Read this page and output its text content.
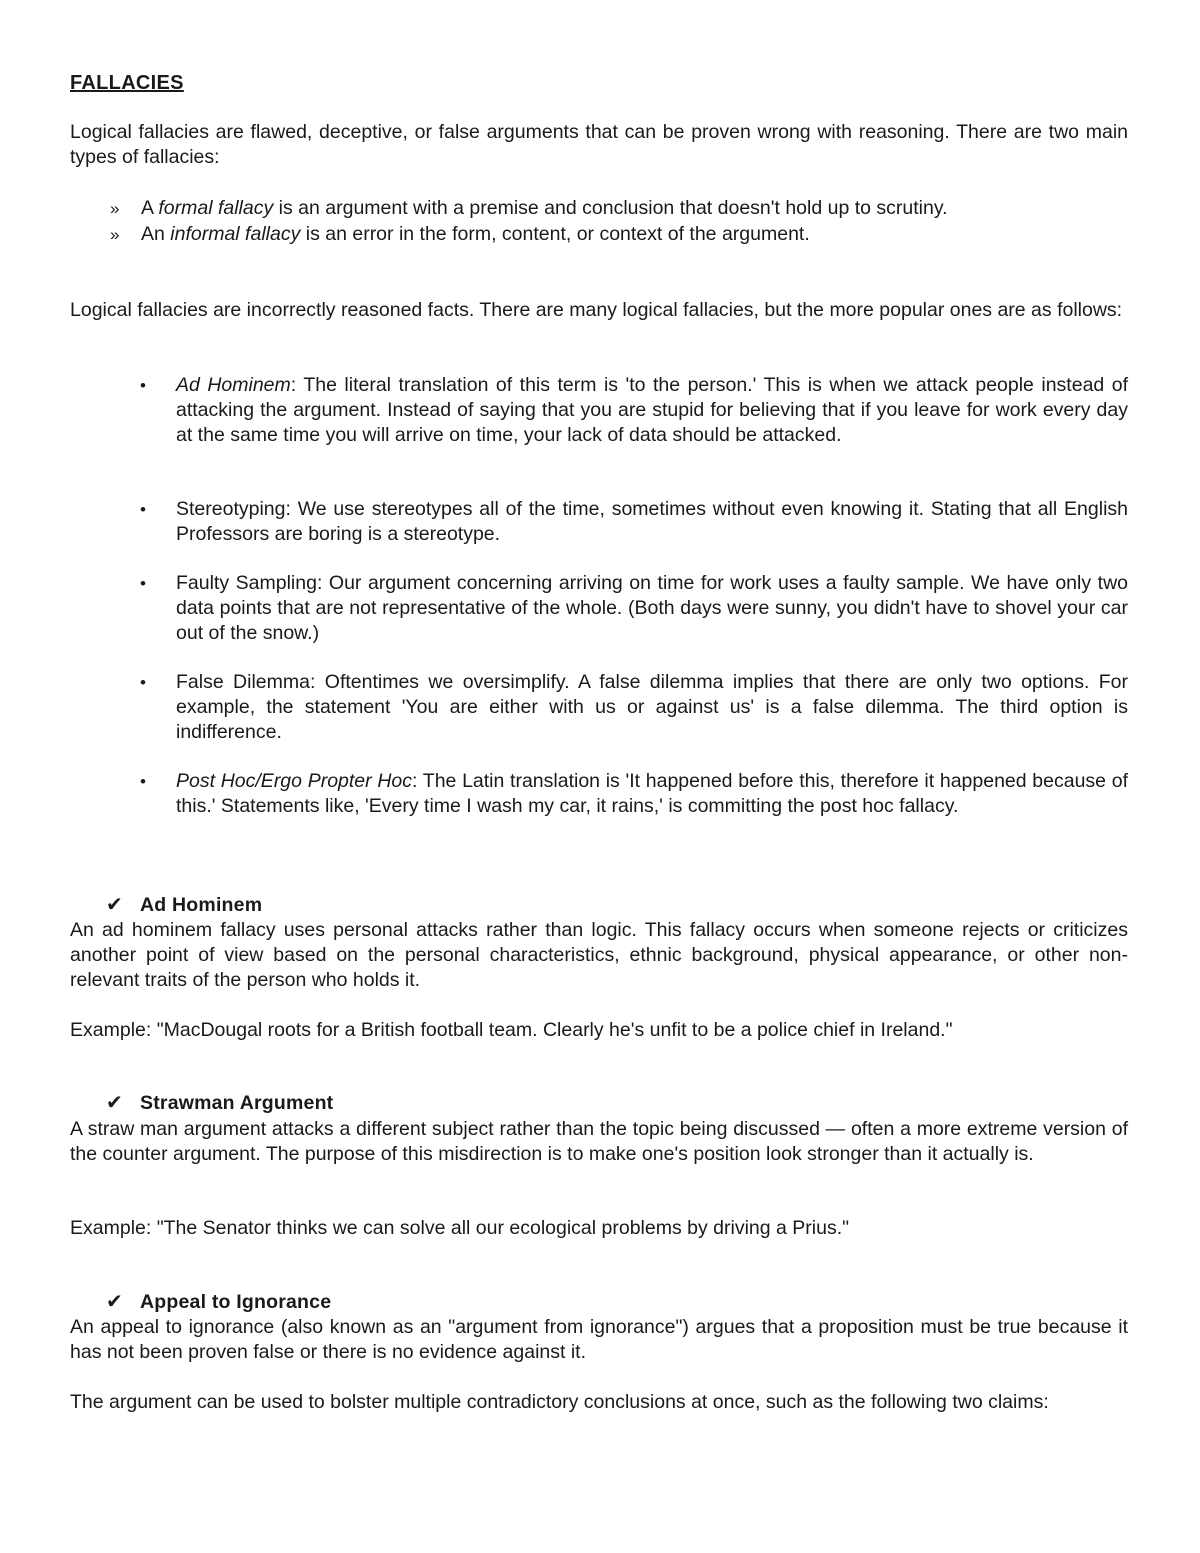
FALLACIES

Logical fallacies are flawed, deceptive, or false arguments that can be proven wrong with reasoning. There are two main types of fallacies:

»	A formal fallacy is an argument with a premise and conclusion that doesn't hold up to scrutiny.
»	An informal fallacy is an error in the form, content, or context of the argument.

Logical fallacies are incorrectly reasoned facts. There are many logical fallacies, but the more popular ones are as follows:

• Ad Hominem: The literal translation of this term is 'to the person.' This is when we attack people instead of attacking the argument. Instead of saying that you are stupid for believing that if you leave for work every day at the same time you will arrive on time, your lack of data should be attacked.
• Stereotyping: We use stereotypes all of the time, sometimes without even knowing it. Stating that all English Professors are boring is a stereotype.
• Faulty Sampling: Our argument concerning arriving on time for work uses a faulty sample. We have only two data points that are not representative of the whole. (Both days were sunny, you didn't have to shovel your car out of the snow.)
• False Dilemma: Oftentimes we oversimplify. A false dilemma implies that there are only two options. For example, the statement 'You are either with us or against us' is a false dilemma. The third option is indifference.
• Post Hoc/Ergo Propter Hoc: The Latin translation is 'It happened before this, therefore it happened because of this.' Statements like, 'Every time I wash my car, it rains,' is committing the post hoc fallacy.
✔ Ad Hominem

An ad hominem fallacy uses personal attacks rather than logic. This fallacy occurs when someone rejects or criticizes another point of view based on the personal characteristics, ethnic background, physical appearance, or other non-relevant traits of the person who holds it.

Example: "MacDougal roots for a British football team. Clearly he's unfit to be a police chief in Ireland."

✔ Strawman Argument

A straw man argument attacks a different subject rather than the topic being discussed — often a more extreme version of the counter argument. The purpose of this misdirection is to make one's position look stronger than it actually is.

Example: "The Senator thinks we can solve all our ecological problems by driving a Prius."

✔ Appeal to Ignorance

An appeal to ignorance (also known as an "argument from ignorance") argues that a proposition must be true because it has not been proven false or there is no evidence against it.

The argument can be used to bolster multiple contradictory conclusions at once, such as the following two claims:
